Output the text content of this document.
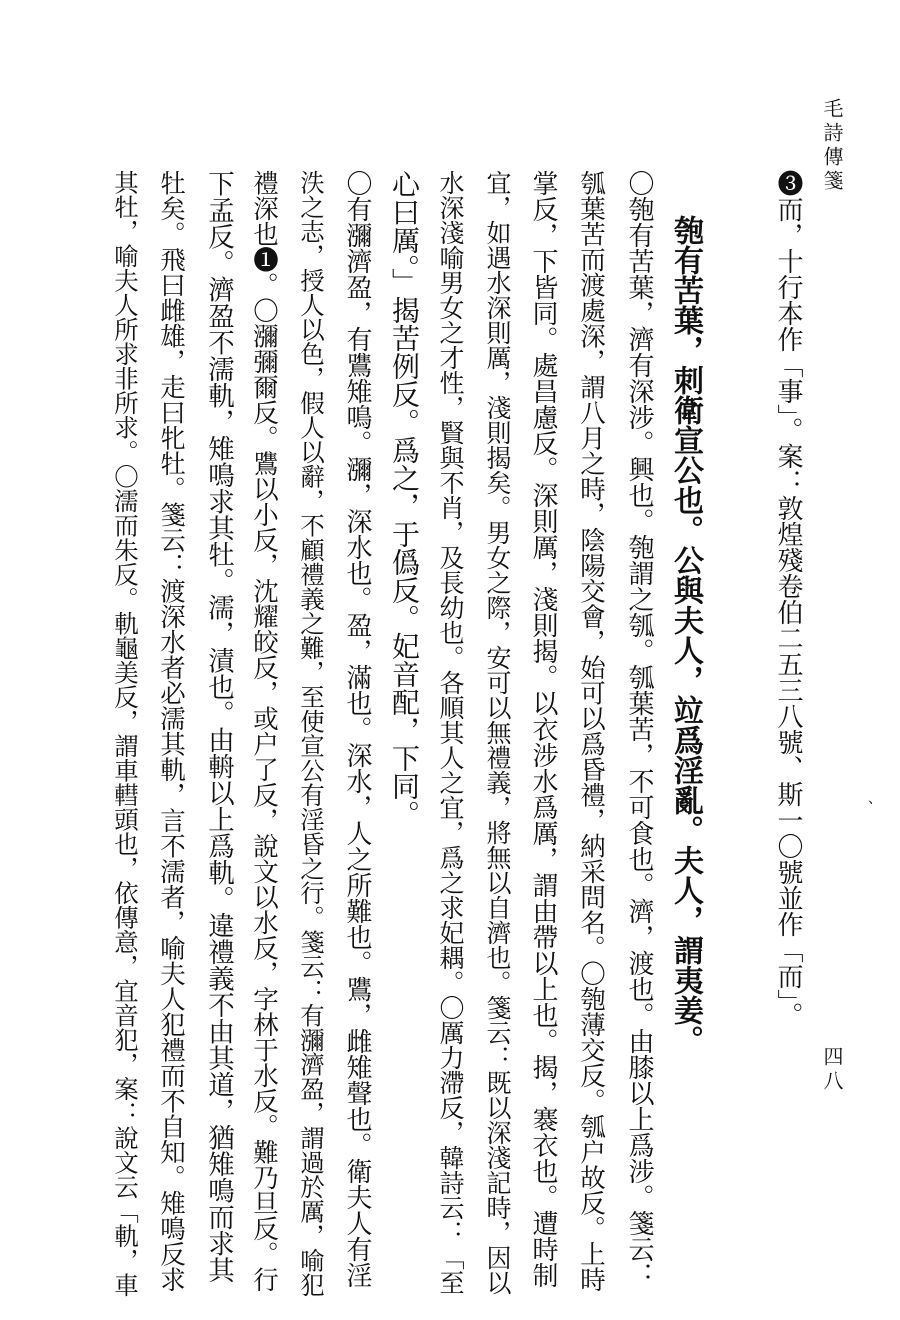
毛詩傳箋
四八
、
❸而，十行本作「事」。案：敦煌殘卷伯二五三八號、斯一〇號並作「而」。
匏有苦葉，刺衛宣公也。公與夫人，竝爲淫亂。夫人，謂夷姜。
〇匏有苦葉，濟有深涉。興也。匏謂之瓠。瓠葉苦，不可食也。濟，渡也。由膝以上爲涉。箋云：
瓠葉苦而渡處深，謂八月之時，陰陽交會，始可以爲昏禮，納采問名。〇匏薄交反。瓠户故反。上時
掌反，下皆同。處昌慮反。深則厲，淺則揭。以衣涉水爲厲，謂由帶以上也。揭，褰衣也。遭時制
宜，如遇水深則厲，淺則揭矣。男女之際，安可以無禮義，將無以自濟也。箋云：既以深淺記時，因以
水深淺喻男女之才性，賢與不肖，及長幼也。各順其人之宜，爲之求妃耦。〇厲力滯反，韓詩云：「至
心曰厲。」揭苦例反。爲之，于僞反。妃音配，下同。
〇有瀰濟盈，有鷕雉鳴。瀰，深水也。盈，滿也。深水，人之所難也。鷕，雌雉聲也。衛夫人有淫
泆之志，授人以色，假人以辭，不顧禮義之難，至使宣公有淫昏之行。箋云：有瀰濟盈，謂過於厲，喻犯
禮深也❶。〇瀰彌爾反。鷕以小反，沈耀皎反，或户了反，說文以水反，字林于水反。難乃旦反。行
下孟反。濟盈不濡軌，雉鳴求其牡。濡，漬也。由輈以上爲軌。違禮義不由其道，猶雉鳴而求其
牡矣。飛曰雌雄，走曰牝牡。箋云：渡深水者必濡其軌，言不濡者，喻夫人犯禮而不自知。雉鳴反求
其牡，喻夫人所求非所求。〇濡而朱反。軌龜美反，謂車轊頭也，依傳意，宜音犯，案：說文云「軌，車
